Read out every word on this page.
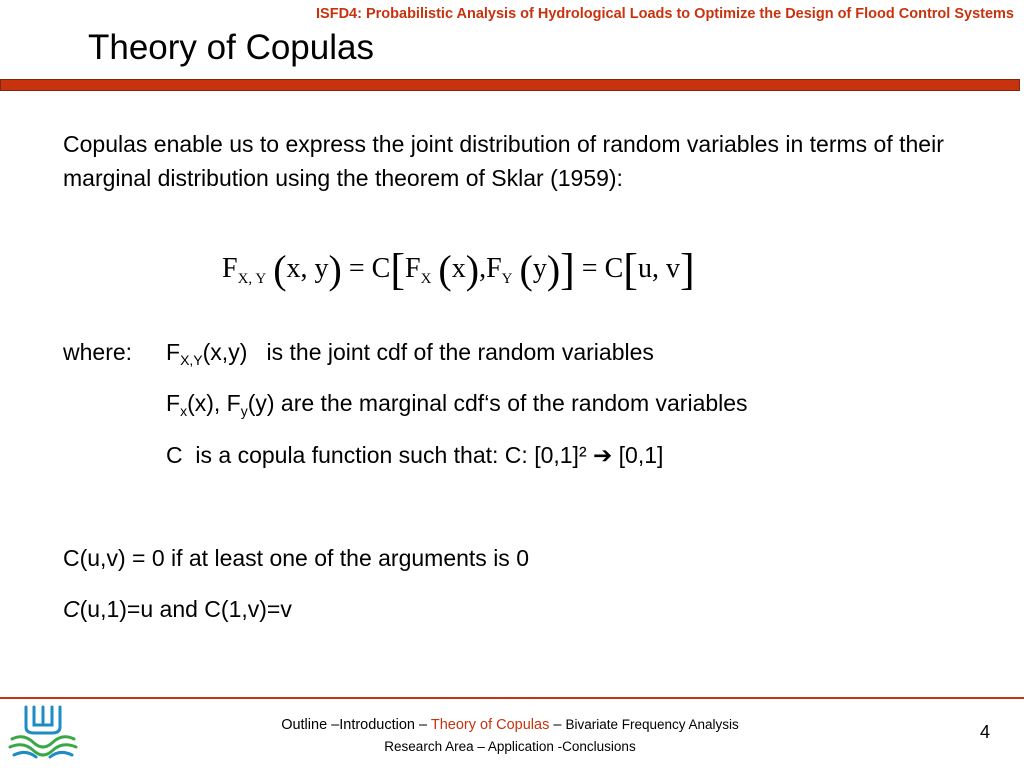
ISFD4: Probabilistic Analysis of Hydrological Loads to Optimize the Design of Flood Control Systems
Theory of Copulas
Copulas enable us to express the joint distribution of random variables in terms of their marginal distribution using the theorem of Sklar (1959):
$F_{X, Y}$ (x, $y) = C[F_X$ $(x),F_Y$ (y)] = C[u, v]
where: $F_{X,Y}(x,y)$   is the joint cdf of the random variables
$F_x(x)$, $F_y(y)$ are the marginal cdf‘s of the random variables
C  is a copula function such that: C: [0,1]² ➔ [0,1]
C(u,v) = 0 if at least one of the arguments is 0
C(u,1)=u and C(1,v)=v
Outline –Introduction – Theory of Copulas – Bivariate Frequency Analysis
Research Area – Application -Conclusions
4
